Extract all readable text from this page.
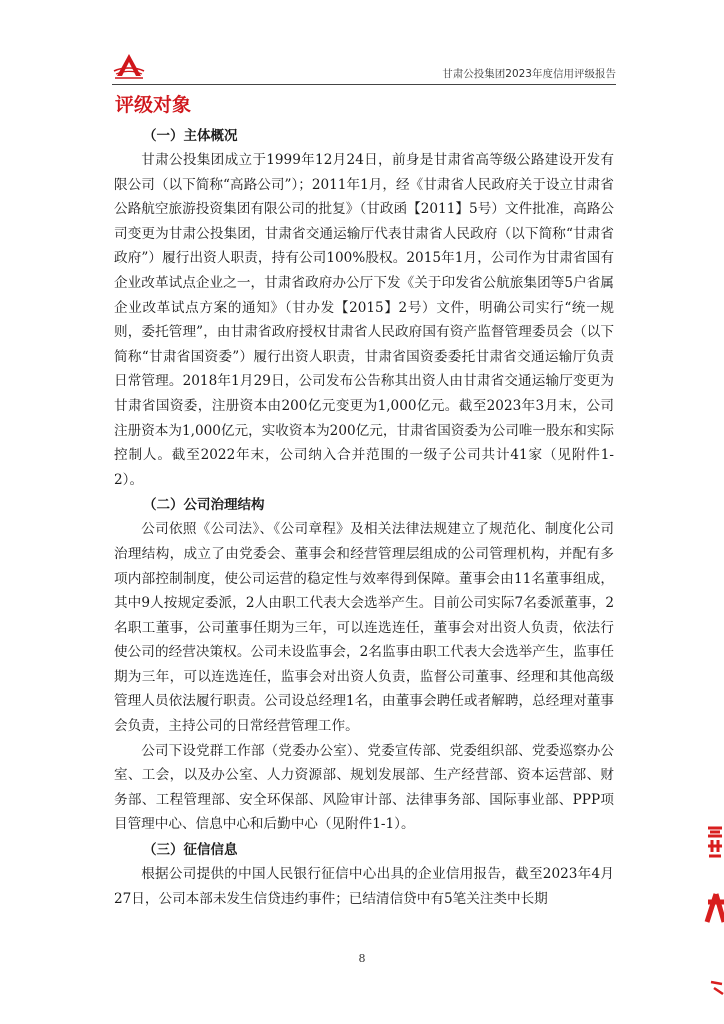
甘肃公投集团2023年度信用评级报告
评级对象
（一）主体概况

甘肃公投集团成立于1999年12月24日，前身是甘肃省高等级公路建设开发有限公司（以下简称“高路公司”）；2011年1月，经《甘肃省人民政府关于设立甘肃省公路航空旅游投资集团有限公司的批复》（甘政函【2011】5号）文件批准，高路公司变更为甘肃公投集团，甘肃省交通运输厅代表甘肃省人民政府（以下简称“甘肃省政府”）履行出资人职责，持有公司100%股权。2015年1月，公司作为甘肃省国有企业改革试点企业之一，甘肃省政府办公厅下发《关于印发省公航旅集团等5户省属企业改革试点方案的通知》（甘办发【2015】2号）文件，明确公司实行“统一规则，委托管理”，由甘肃省政府授权甘肃省人民政府国有资产监督管理委员会（以下简称“甘肃省国资委”）履行出资人职责，甘肃省国资委委托甘肃省交通运输厅负责日常管理。2018年1月29日，公司发布公告称其出资人由甘肃省交通运输厅变更为甘肃省国资委，注册资本由200亿元变更为1,000亿元。截至2023年3月末，公司注册资本为1,000亿元，实收资本为200亿元，甘肃省国资委为公司唯一股东和实际控制人。截至2022年末，公司纳入合并范围的一级子公司共计41家（见附件1-2）。

（二）公司治理结构

公司依照《公司法》、《公司章程》及相关法律法规建立了规范化、制度化公司治理结构，成立了由党委会、董事会和经营管理层组成的公司管理机构，并配有多项内部控制制度，使公司运营的稳定性与效率得到保障。董事会由11名董事组成，其中9人按规定委派，2人由职工代表大会选举产生。目前公司实际7名委派董事，2名职工董事，公司董事任期为三年，可以连选连任，董事会对出资人负责，依法行使公司的经营决策权。公司未设监事会，2名监事由职工代表大会选举产生，监事任期为三年，可以连选连任，监事会对出资人负责，监督公司董事、经理和其他高级管理人员依法履行职责。公司设总经理1名，由董事会聘任或者解聘，总经理对董事会负责，主持公司的日常经营管理工作。

公司下设党群工作部（党委办公室）、党委宣传部、党委组织部、党委巡察办公室、工会，以及办公室、人力资源部、规划发展部、生产经营部、资本运营部、财务部、工程管理部、安全环保部、风险审计部、法律事务部、国际事业部、PPP项目管理中心、信息中心和后勤中心（见附件1-1）。

（三）征信信息

根据公司提供的中国人民银行征信中心出具的企业信用报告，截至2023年4月27日，公司本部未发生信贷违约事件；已结清信贷中有5笔关注类中长期

8
